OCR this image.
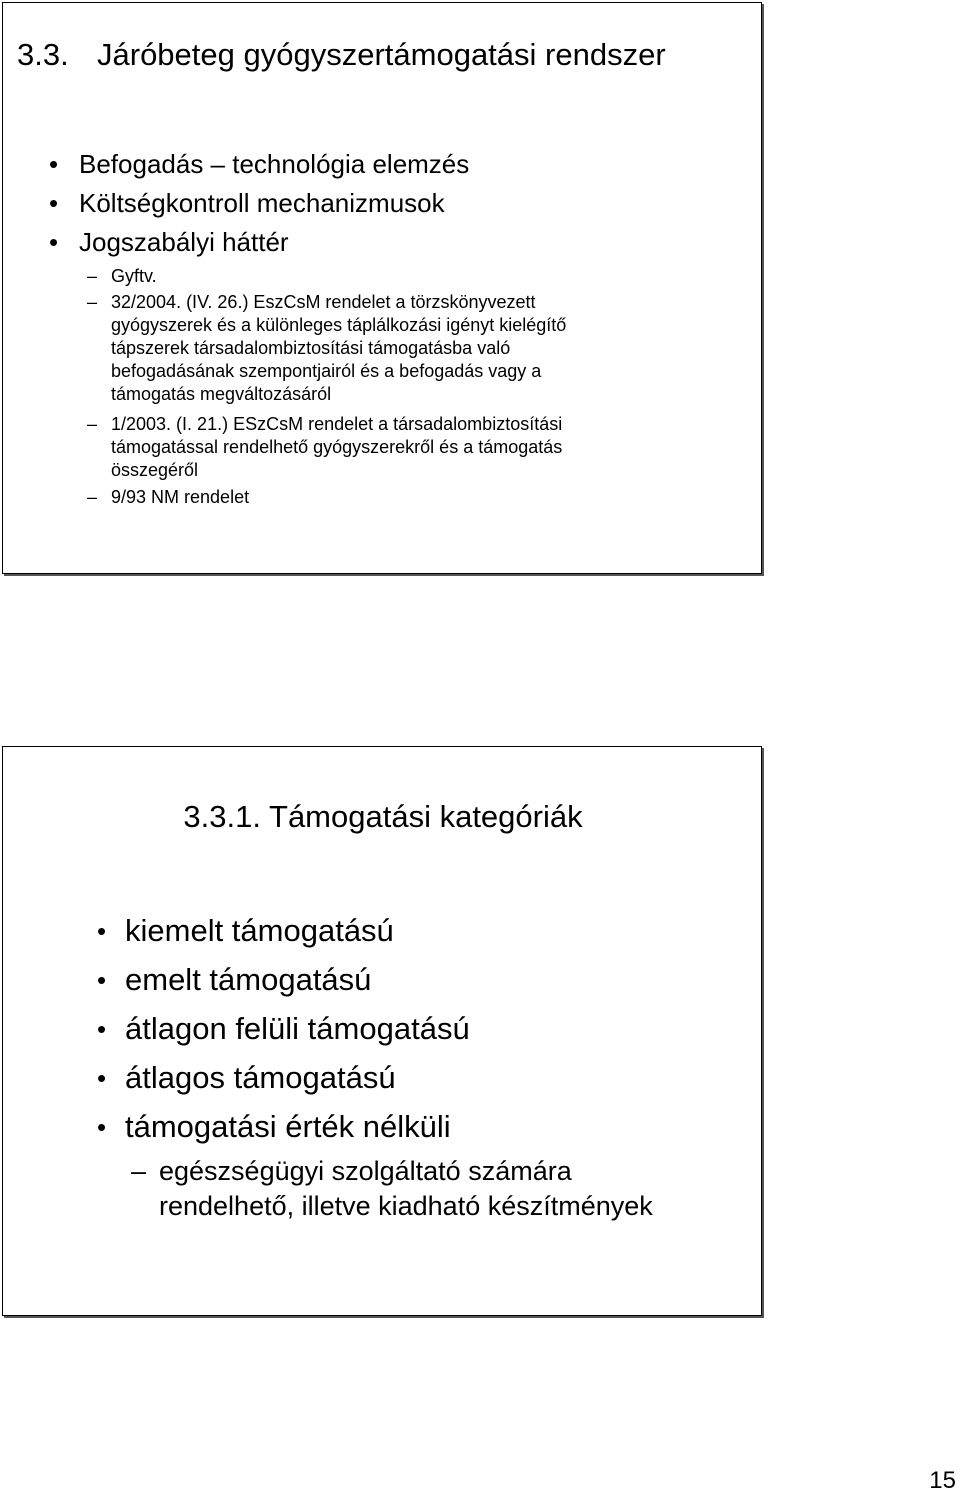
3.3. Járóbeteg gyógyszertámogatási rendszer
• Befogadás – technológia elemzés
• Költségkontroll mechanizmusok
• Jogszabályi háttér
– Gyftv.
– 32/2004. (IV. 26.) EszCsM rendelet a törzskönyvezett
gyógyszerek és a különleges táplálkozási igényt kielégítő
tápszerek társadalombiztosítási támogatásba való
befogadásának szempontjairól és a befogadás vagy a
támogatás megváltozásáról
– 1/2003. (I. 21.) ESzCsM rendelet a társadalombiztosítási
támogatással rendelhető gyógyszerekről és a támogatás
összegéről
– 9/93 NM rendelet
3.3.1. Támogatási kategóriák
• kiemelt támogatású
• emelt támogatású
• átlagon felüli támogatású
• átlagos támogatású
• támogatási érték nélküli
– egészségügyi szolgáltató számára
rendelhető, illetve kiadható készítmények
15
